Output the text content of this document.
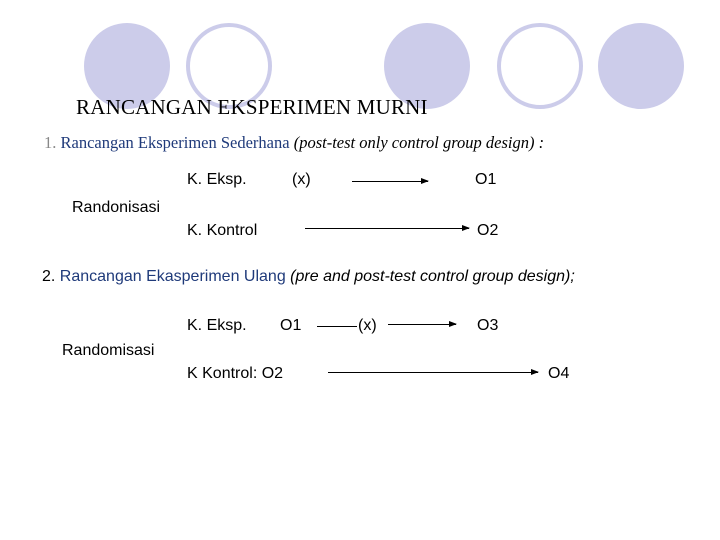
RANCANGAN EKSPERIMEN MURNI
1. Rancangan Eksperimen Sederhana (post-test only control group design) :
K. Eksp.	(x)	O1
Randonisasi
K. Kontrol	O2
2. Rancangan Ekasperimen Ulang (pre and post-test control group design);
K. Eksp. O1	(x)	O3
Randomisasi
K Kontrol: O2	O4
